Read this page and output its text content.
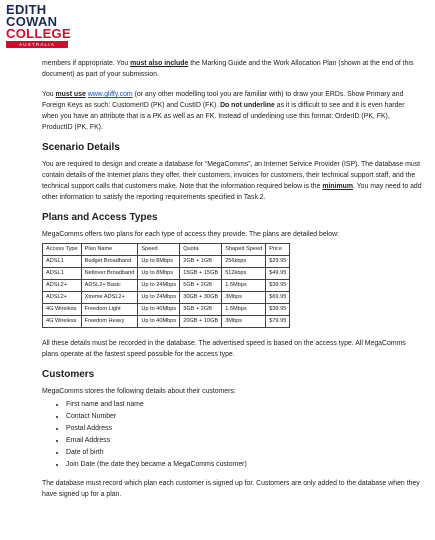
EDITH
COWAN
COLLEGE
AUSTRALIA

members if appropriate. You must also include the Marking Guide and the Work Allocation Plan (shown at the end of this document) as part of your submission.

You must use www.gliffy.com (or any other modelling tool you are familiar with) to draw your ERDs. Show Primary and Foreign Keys as such: CustomerID (PK) and CustID (FK). Do not underline as it is difficult to see and it is even harder when you have an attribute that is a PK as well as an FK. Instead of underlining use this format: OrderID (PK, FK), ProductID (PK, FK).

Scenario Details

You are required to design and create a database for “MegaComms”, an Internet Service Provider (ISP). The database must contain details of the Internet plans they offer, their customers, invoices for customers, their technical support staff, and the technical support calls that customers make. Note that the information required below is the minimum. You may need to add other information to satisfy the reporting requirements specified in Task 2.

Plans and Access Types

MegaComms offers two plans for each type of access they provide. The plans are detailed below:

Access Type	Plan Name	Speed	Quota	Shaped Speed	Price
ADSL1	Budget Broadband	Up to 8Mbps	2GB + 1GB	256kbps	$29.95
ADSL1	Netlover Broadband	Up to 8Mbps	15GB + 15GB	512kbps	$49.95
ADSL2+	ADSL2+ Basic	Up to 24Mbps	5GB + 2GB	1.5Mbps	$39.95
ADSL2+	Xtreme ADSL2+	Up to 24Mbps	30GB + 30GB	3Mbps	$69.95
4G Wireless	Freedom Light	Up to 40Mbps	3GB + 2GB	1.5Mbps	$39.95
4G Wireless	Freedom Heavy	Up to 40Mbps	20GB + 10GB	3Mbps	$79.95

All these details must be recorded in the database. The advertised speed is based on the access type. All MegaComms plans operate at the fastest speed possible for the access type.

Customers

MegaComms stores the following details about their customers:

• First name and last name
• Contact Number
• Postal Address
• Email Address
• Date of birth
• Join Date (the date they became a MegaComms customer)

The database must record which plan each customer is signed up for. Customers are only added to the database when they have signed up for a plan.
